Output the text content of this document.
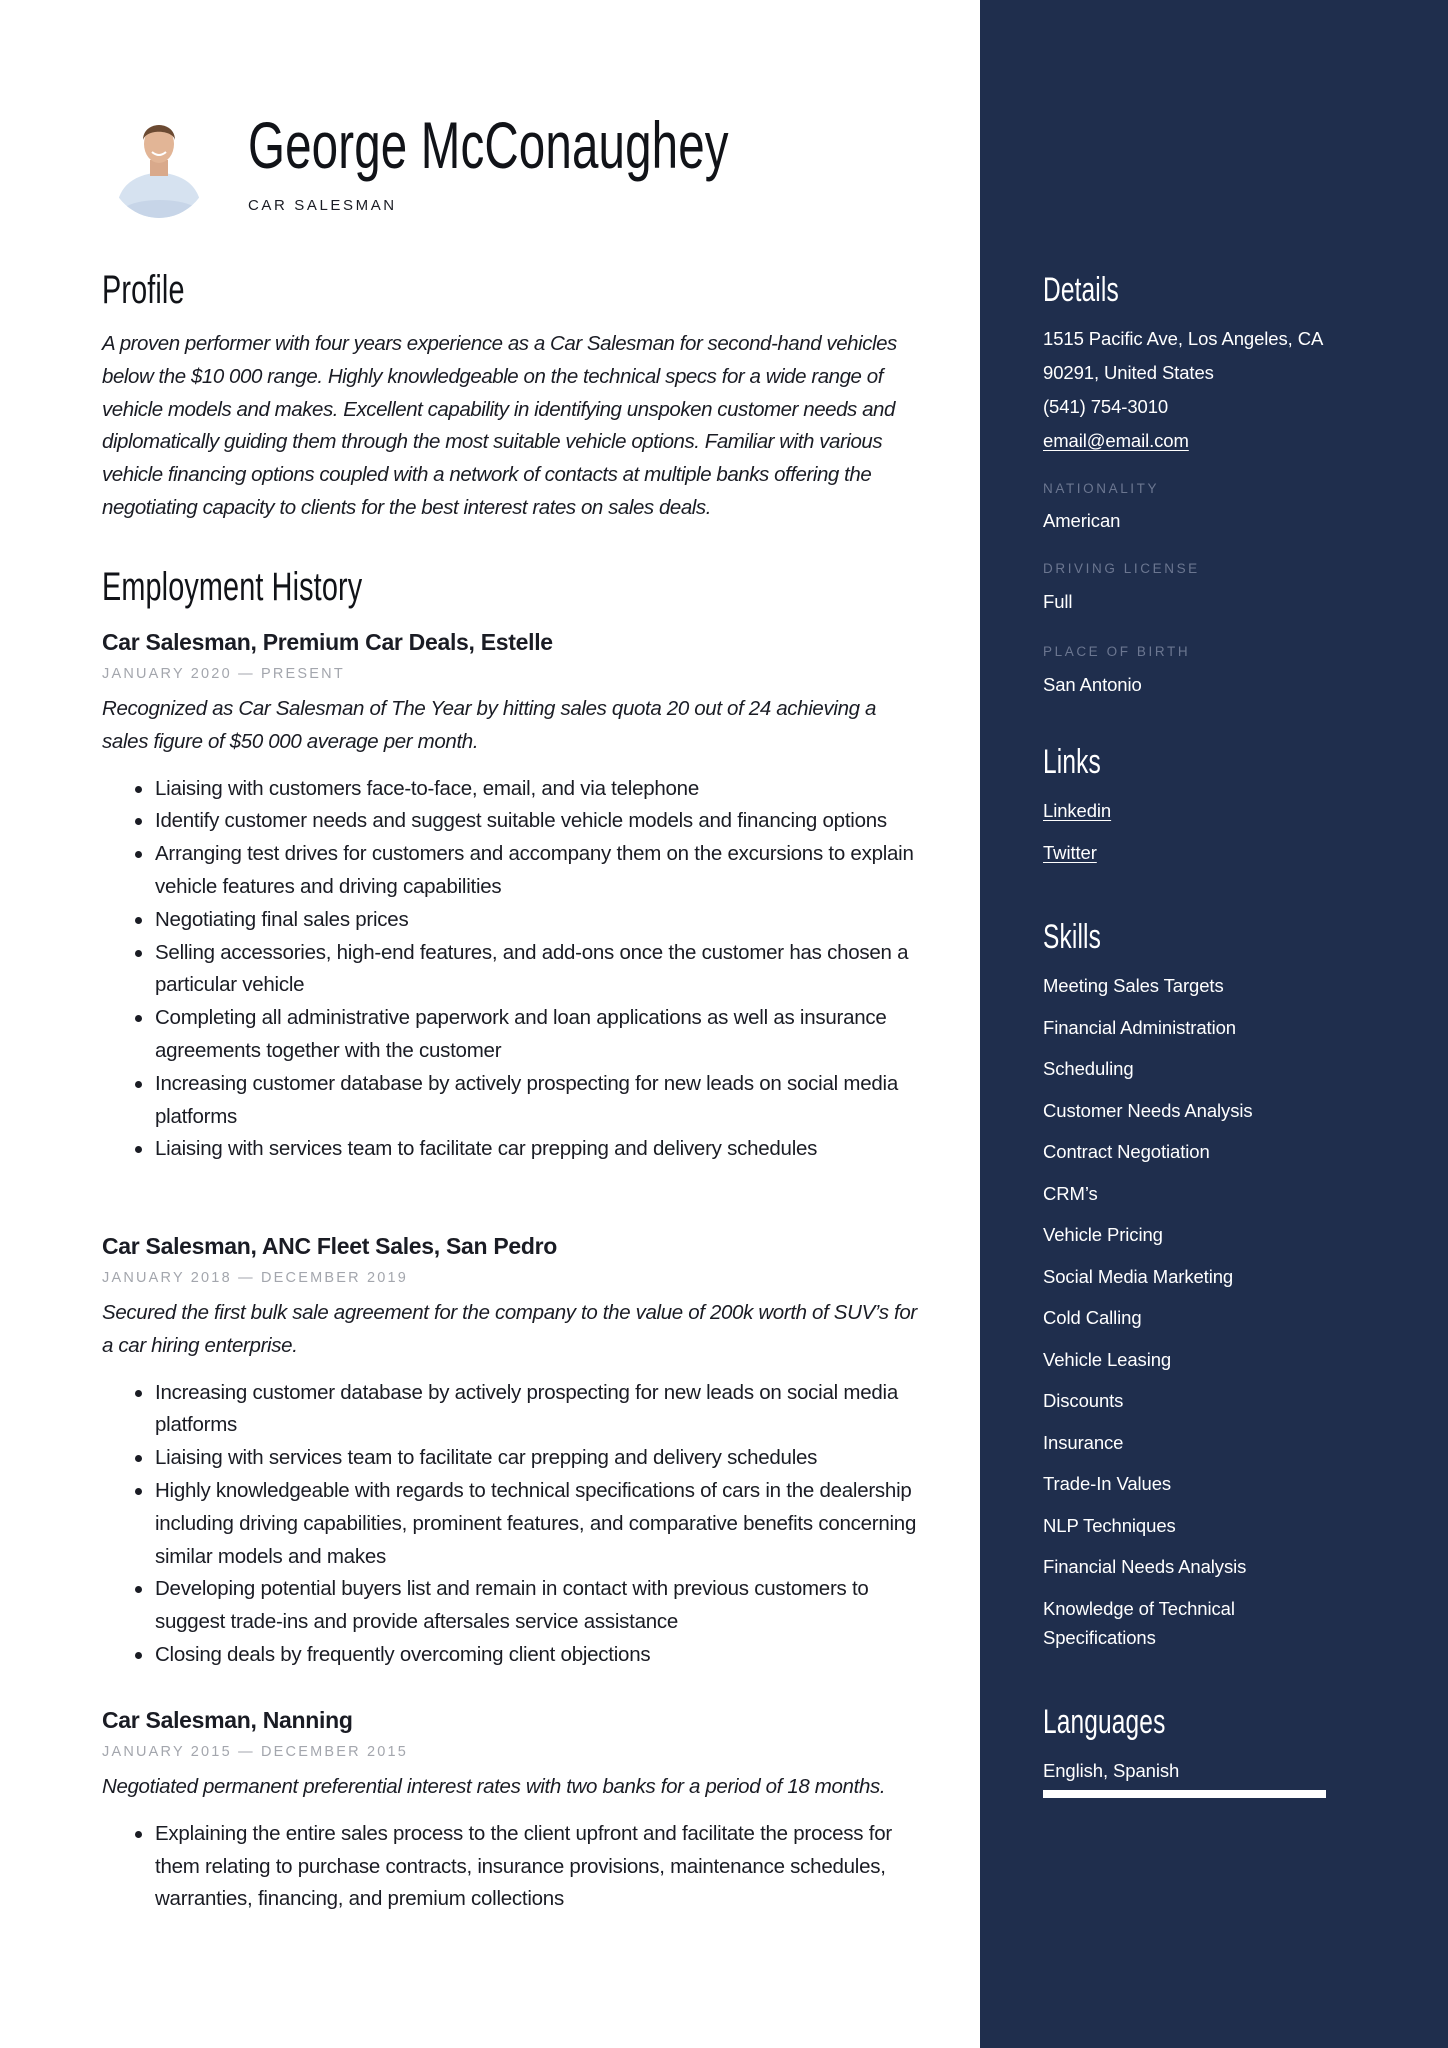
George McConaughey
CAR SALESMAN
Profile

A proven performer with four years experience as a Car Salesman for second-hand vehicles below the $10 000 range. Highly knowledgeable on the technical specs for a wide range of vehicle models and makes. Excellent capability in identifying unspoken customer needs and diplomatically guiding them through the most suitable vehicle options. Familiar with various vehicle financing options coupled with a network of contacts at multiple banks offering the negotiating capacity to clients for the best interest rates on sales deals.

Employment History
Car Salesman, Premium Car Deals, Estelle
JANUARY 2020 — PRESENT
Recognized as Car Salesman of The Year by hitting sales quota 20 out of 24 achieving a sales figure of $50 000 average per month.
Liaising with customers face-to-face, email, and via telephone
Identify customer needs and suggest suitable vehicle models and financing options
Arranging test drives for customers and accompany them on the excursions to explain vehicle features and driving capabilities
Negotiating final sales prices
Selling accessories, high-end features, and add-ons once the customer has chosen a particular vehicle
Completing all administrative paperwork and loan applications as well as insurance agreements together with the customer
Increasing customer database by actively prospecting for new leads on social media platforms
Liaising with services team to facilitate car prepping and delivery schedules
Car Salesman, ANC Fleet Sales, San Pedro
JANUARY 2018 — DECEMBER 2019
Secured the first bulk sale agreement for the company to the value of 200k worth of SUV’s for a car hiring enterprise.
Increasing customer database by actively prospecting for new leads on social media platforms
Liaising with services team to facilitate car prepping and delivery schedules
Highly knowledgeable with regards to technical specifications of cars in the dealership including driving capabilities, prominent features, and comparative benefits concerning similar models and makes
Developing potential buyers list and remain in contact with previous customers to suggest trade-ins and provide aftersales service assistance
Closing deals by frequently overcoming client objections
Car Salesman, Nanning
JANUARY 2015 — DECEMBER 2015
Negotiated permanent preferential interest rates with two banks for a period of 18 months.
Explaining the entire sales process to the client upfront and facilitate the process for them relating to purchase contracts, insurance provisions, maintenance schedules, warranties, financing, and premium collections
Details
1515 Pacific Ave, Los Angeles, CA
90291, United States
(541) 754-3010
email@email.com
NATIONALITY
American
DRIVING LICENSE
Full
PLACE OF BIRTH
San Antonio
Links
Linkedin
Twitter
Skills
Meeting Sales Targets
Financial Administration
Scheduling
Customer Needs Analysis
Contract Negotiation
CRM’s
Vehicle Pricing
Social Media Marketing
Cold Calling
Vehicle Leasing
Discounts
Insurance
Trade-In Values
NLP Techniques
Financial Needs Analysis
Knowledge of Technical
Specifications
Languages
English, Spanish
